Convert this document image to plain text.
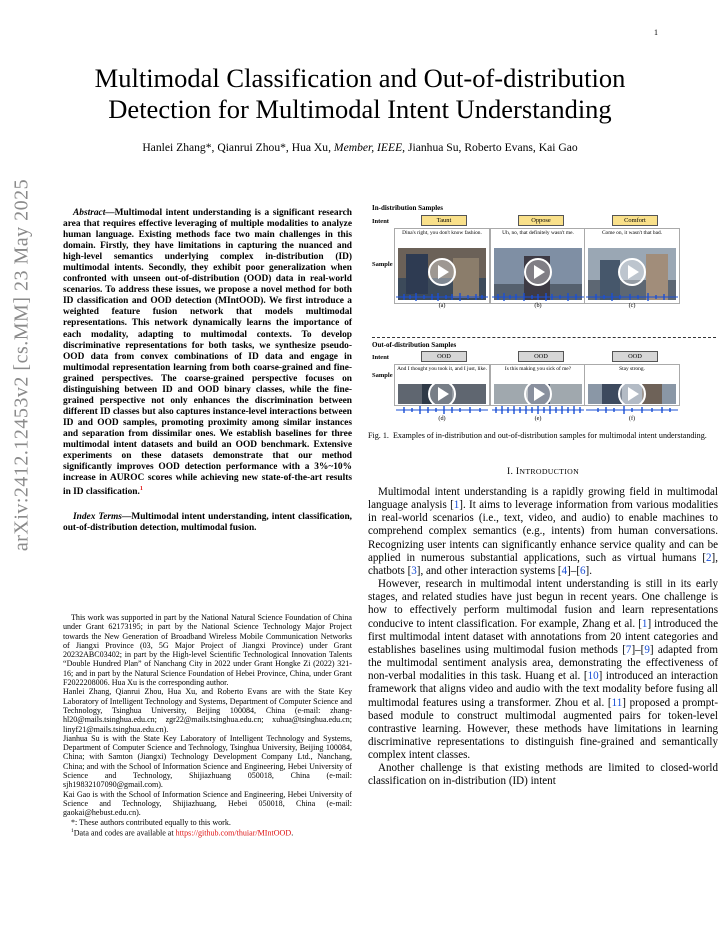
1
arXiv:2412.12453v2 [cs.MM] 23 May 2025
Multimodal Classification and Out-of-distribution
Detection for Multimodal Intent Understanding
Hanlei Zhang*, Qianrui Zhou*, Hua Xu, Member, IEEE, Jianhua Su, Roberto Evans, Kai Gao

Abstract—Multimodal intent understanding is a significant research area that requires effective leveraging of multiple modalities to analyze human language. Existing methods face two main challenges in this domain. Firstly, they have limitations in capturing the nuanced and high-level semantics underlying complex in-distribution (ID) multimodal intents. Secondly, they exhibit poor generalization when confronted with unseen out-of-distribution (OOD) data in real-world scenarios. To address these issues, we propose a novel method for both ID classification and OOD detection (MIntOOD). We first introduce a weighted feature fusion network that models multimodal representations. This network dynamically learns the importance of each modality, adapting to multimodal contexts. To develop discriminative representations for both tasks, we synthesize pseudo-OOD data from convex combinations of ID data and engage in multimodal representation learning from both coarse-grained and fine-grained perspectives. The coarse-grained perspective focuses on distinguishing between ID and OOD binary classes, while the fine-grained perspective not only enhances the discrimination between different ID classes but also captures instance-level interactions between ID and OOD samples, promoting proximity among similar instances and separation from dissimilar ones. We establish baselines for three multimodal intent datasets and build an OOD benchmark. Extensive experiments on these datasets demonstrate that our method significantly improves OOD detection performance with a 3%~10% increase in AUROC scores while achieving new state-of-the-art results in ID classification.$^1$

Index Terms—Multimodal intent understanding, intent classification, out-of-distribution detection, multimodal fusion.

This work was supported in part by the National Natural Science Foundation of China under Grant 62173195; in part by the National Science Technology Major Project towards the New Generation of Broadband Wireless Mobile Communication Networks of Jiangxi Province (03, 5G Major Project of Jiangxi Province) under Grant 20232ABC03402; in part by the High-level Scientific Technological Innovation Talents “Double Hundred Plan” of Nanchang City in 2022 under Grant Hongke Zi (2022) 321-16; and in part by the Natural Science Foundation of Hebei Province, China, under Grant F2022208006. Hua Xu is the corresponding author.

Hanlei Zhang, Qianrui Zhou, Hua Xu, and Roberto Evans are with the State Key Laboratory of Intelligent Technology and Systems, Department of Computer Science and Technology, Tsinghua University, Beijing 100084, China (e-mail: zhang-hl20@mails.tsinghua.edu.cn; zgr22@mails.tsinghua.edu.cn; xuhua@tsinghua.edu.cn; linyf21@mails.tsinghua.edu.cn).

Jianhua Su is with the State Key Laboratory of Intelligent Technology and Systems, Department of Computer Science and Technology, Tsinghua University, Beijing 100084, China; with Samton (Jiangxi) Technology Development Company Ltd., Nanchang, China; and with the School of Information Science and Engineering, Hebei University of Science and Technology, Shijiazhuang 050018, China (e-mail: sjh19832107090@gmail.com).

Kai Gao is with the School of Information Science and Engineering, Hebei University of Science and Technology, Shijiazhuang, Hebei 050018, China (e-mail: gaokai@hebust.edu.cn).

*: These authors contributed equally to this work.

$^1$Data and codes are available at https://github.com/thuiar/MIntOOD.

In-distribution Samples
Intent
Sample
Taunt	Oppose	Comfort
Dina's right, you don't know fashion.	Uh, no, that definitely wasn't me.	Come on, it wasn't that bad.
(a)	(b)	(c)
Out-of-distribution Samples
Intent
Sample
OOD	OOD	OOD
And I thought you took it, and I just, like.	Is this making you sick of me?	Stay strong.
(d)	(e)	(f)
Fig. 1. Examples of in-distribution and out-of-distribution samples for multimodal intent understanding.
I. INTRODUCTION

Multimodal intent understanding is a rapidly growing field in multimodal language analysis [1]. It aims to leverage information from various modalities in real-world scenarios (i.e., text, video, and audio) to enable machines to comprehend complex semantics (e.g., intents) from human conversations. Recognizing user intents can significantly enhance service quality and can be applied in numerous substantial applications, such as virtual humans [2], chatbots [3], and other interaction systems [4]–[6].

However, research in multimodal intent understanding is still in its early stages, and related studies have just begun in recent years. One challenge is how to effectively perform multimodal fusion and learn representations conducive to intent classification. For example, Zhang et al. [1] introduced the first multimodal intent dataset with annotations from 20 intent categories and establishes baselines using multimodal fusion methods [7]–[9] adapted from the multimodal sentiment analysis area, demonstrating the effectiveness of non-verbal modalities in this task. Huang et al. [10] introduced an interaction framework that aligns video and audio with the text modality before fusing all multimodal features using a transformer. Zhou et al. [11] proposed a prompt-based module to construct multimodal augmented pairs for token-level contrastive learning. However, these methods have limitations in learning discriminative representations to distinguish fine-grained and semantically complex intent classes.

Another challenge is that existing methods are limited to closed-world classification on in-distribution (ID) intent
